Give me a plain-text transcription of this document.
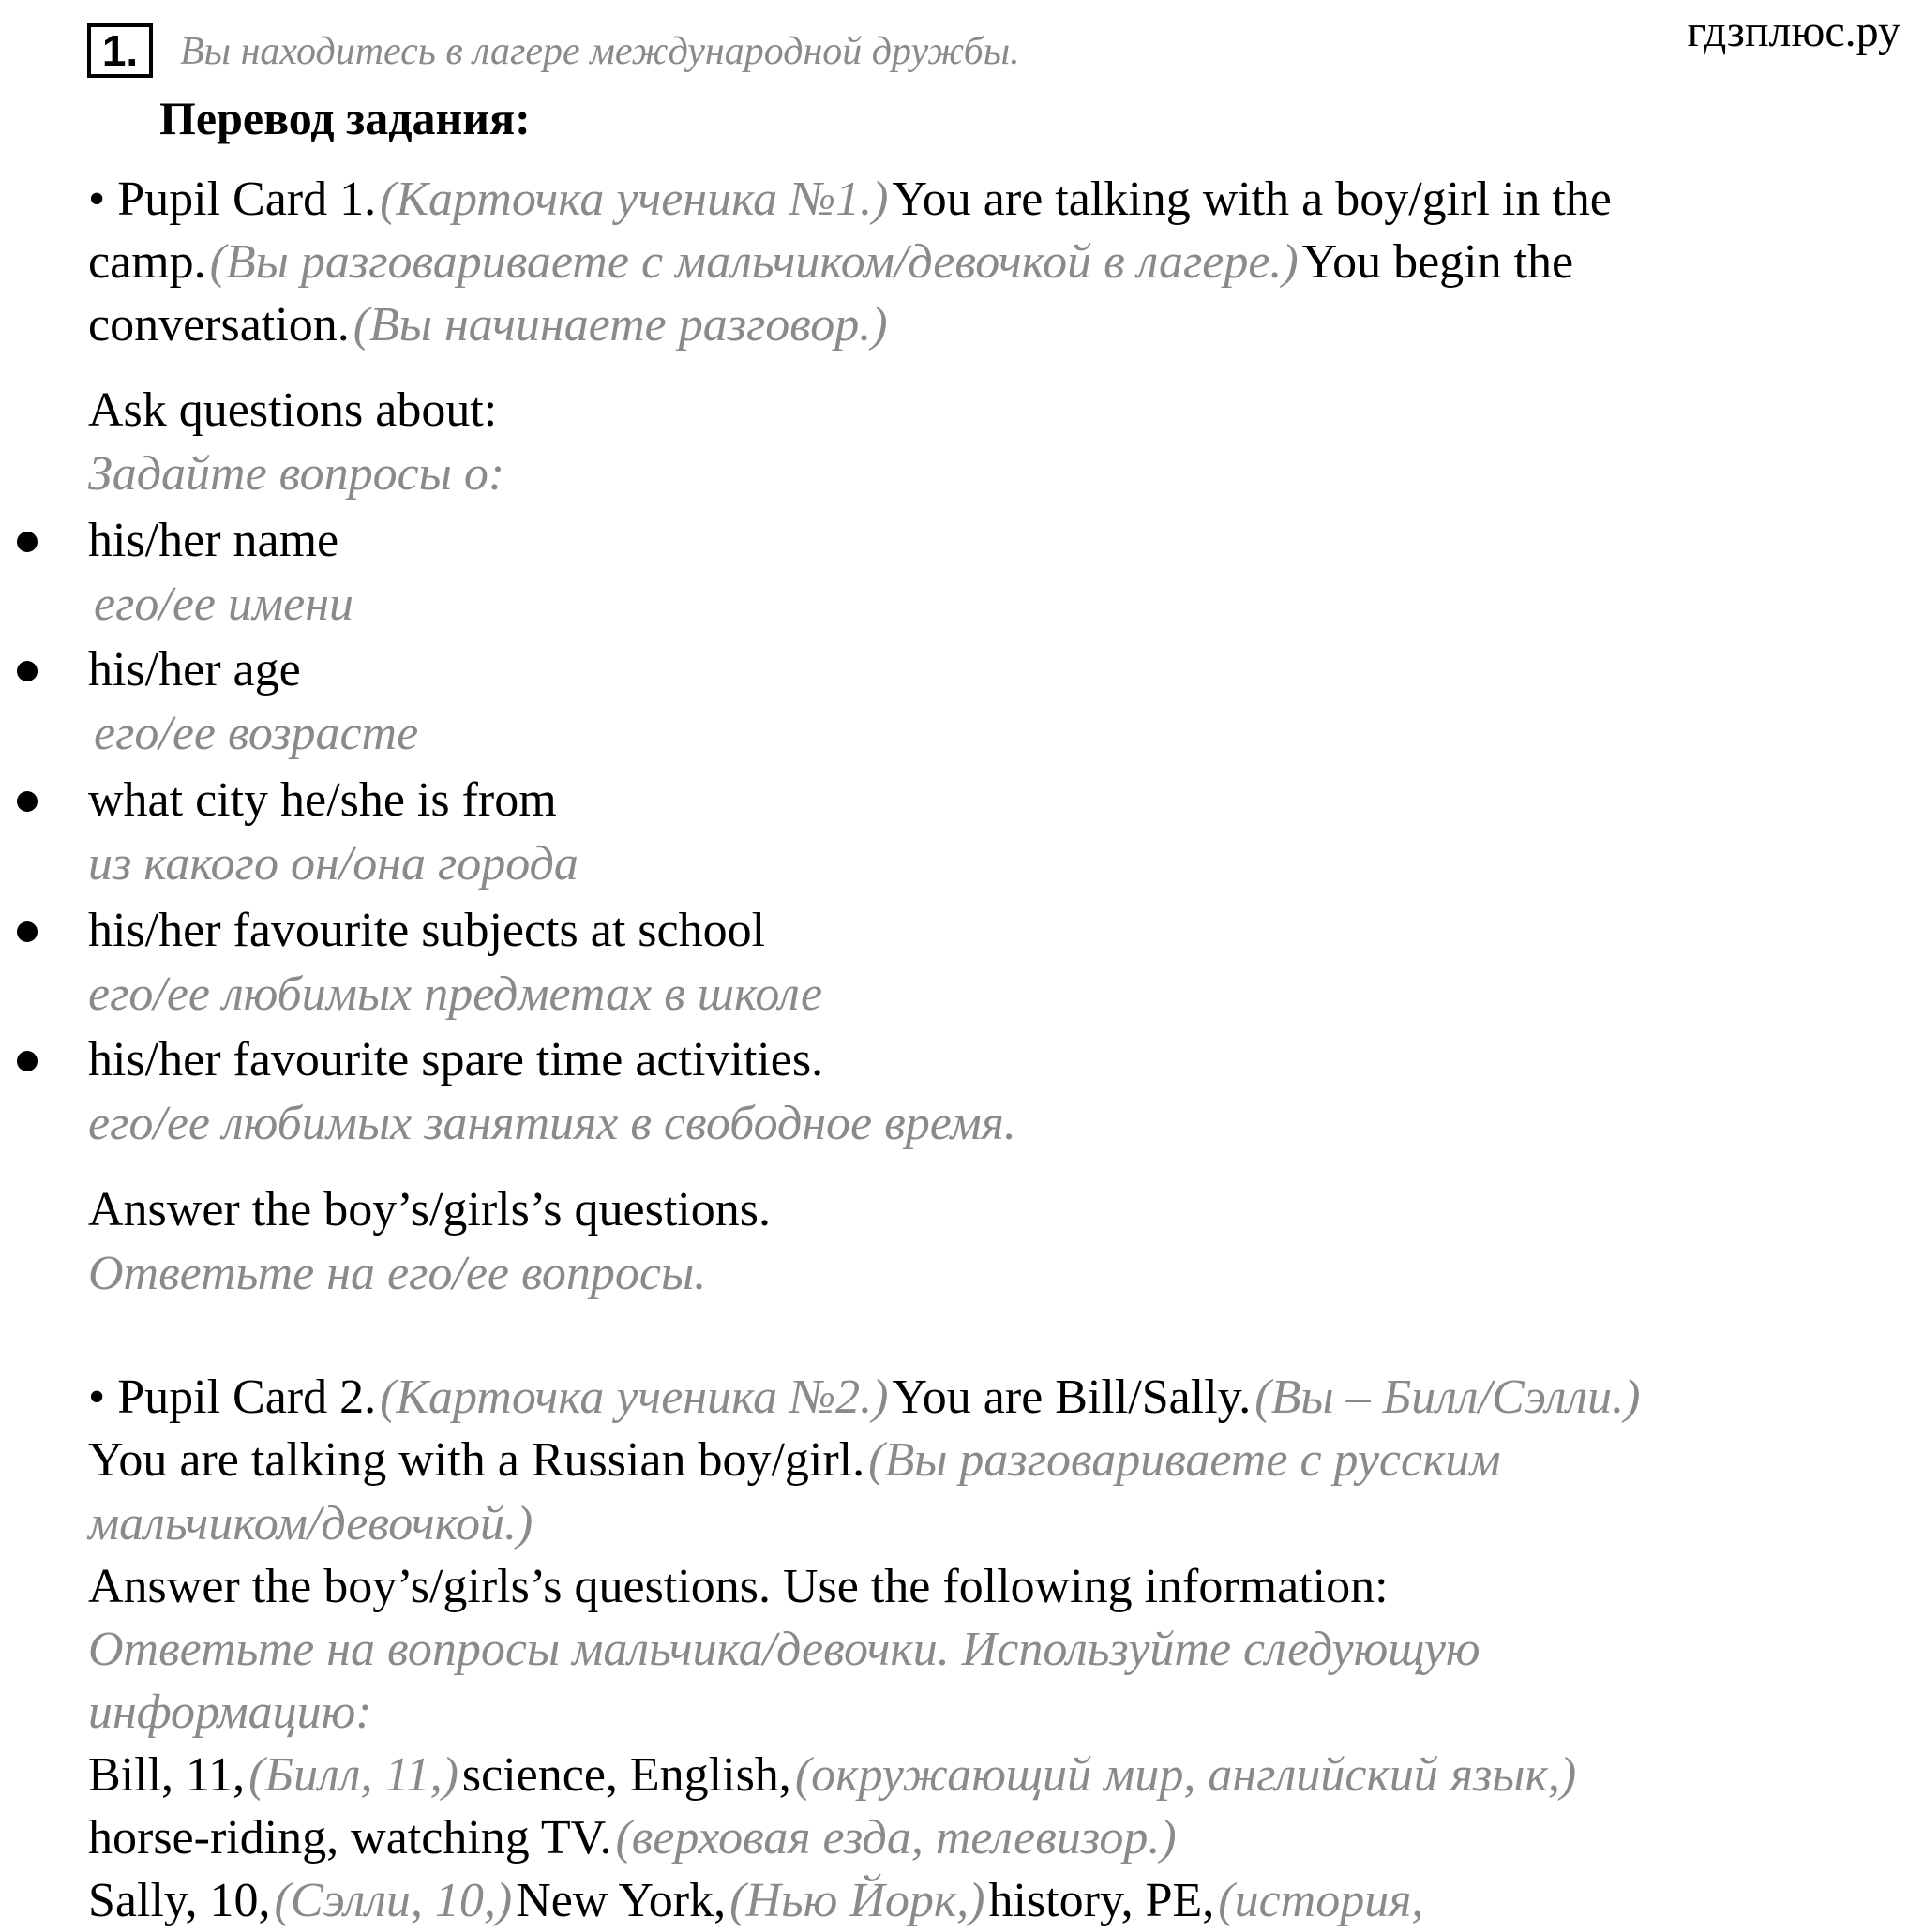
1.	Вы находитесь в лагере международной дружбы.	гдзплюс.ру
Перевод задания:
• Pupil Card 1. (Карточка ученика №1.) You are talking with a boy/girl in the
camp. (Вы разговариваете с мальчиком/девочкой в лагере.) You begin the
conversation. (Вы начинаете разговор.)
Ask questions about:
Задайте вопросы о:
his/her name
его/ее имени
his/her age
его/ее возрасте
what city he/she is from
из какого он/она города
his/her favourite subjects at school
его/ее любимых предметах в школе
his/her favourite spare time activities.
его/ее любимых занятиях в свободное время.
Answer the boy’s/girls’s questions.
Ответьте на его/ее вопросы.
• Pupil Card 2. (Карточка ученика №2.) You are Bill/Sally. (Вы – Билл/Сэлли.)
You are talking with a Russian boy/girl. (Вы разговариваете с русским
мальчиком/девочкой.)
Answer the boy’s/girls’s questions. Use the following information:
Ответьте на вопросы мальчика/девочки. Используйте следующую
информацию:
Bill, 11, (Билл, 11,) science, English, (окружающий мир, английский язык,)
horse-riding, watching TV. (верховая езда, телевизор.)
Sally, 10, (Сэлли, 10,) New York, (Нью Йорк,) history, PE, (история,
